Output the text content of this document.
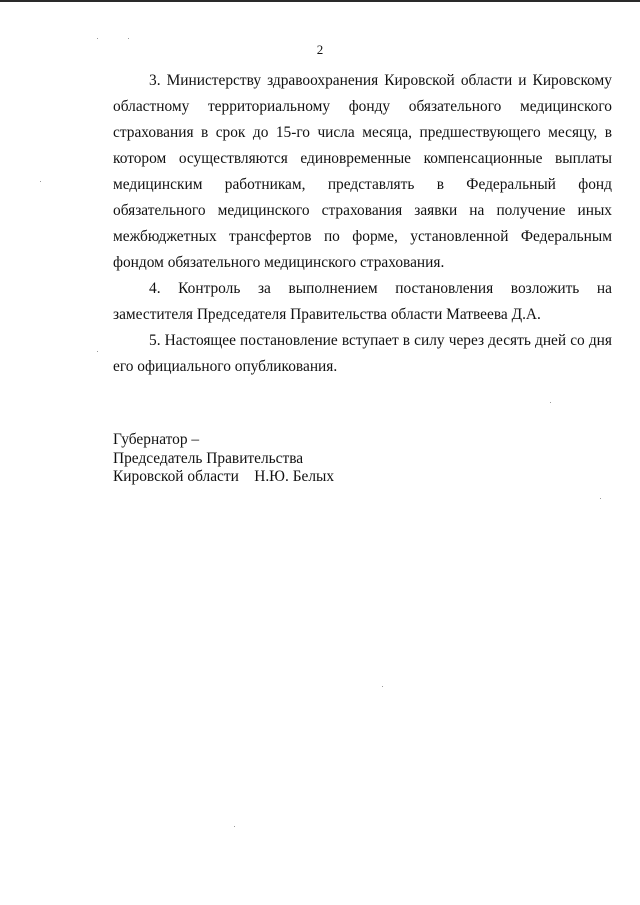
2

3. Министерству здравоохранения Кировской области и Кировскому областному территориальному фонду обязательного медицинского страхования в срок до 15-го числа месяца, предшествующего месяцу, в котором осуществляются единовременные компенсационные выплаты медицинским работникам, представлять в Федеральный фонд обязательного медицинского страхования заявки на получение иных межбюджетных трансфертов по форме, установленной Федеральным фондом обязательного медицинского страхования.

4. Контроль за выполнением постановления возложить на заместителя Председателя Правительства области Матвеева Д.А.

5. Настоящее постановление вступает в силу через десять дней со дня его официального опубликования.

Губернатор –
Председатель Правительства
Кировской области    Н.Ю. Белых
